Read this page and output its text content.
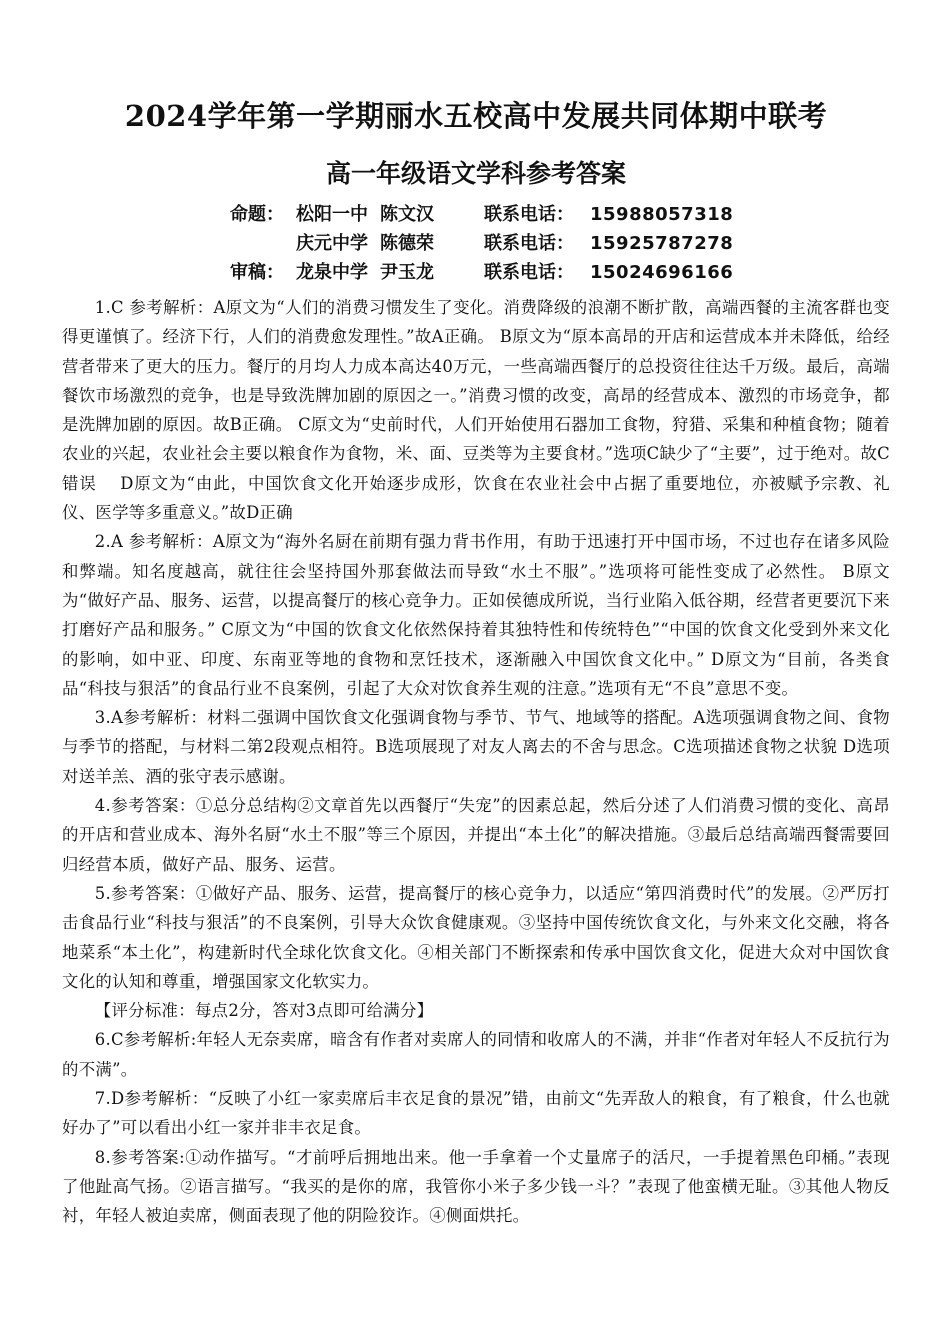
2024学年第一学期丽水五校高中发展共同体期中联考
高一年级语文学科参考答案
命题： 松阳一中 陈文汉	联系电话： 15988057318
庆元中学 陈德荣	联系电话： 15925787278
审稿： 龙泉中学 尹玉龙	联系电话： 15024696166

1.C 参考解析：A原文为“人们的消费习惯发生了变化。消费降级的浪潮不断扩散，高端西餐的主流客群也变得更谨慎了。经济下行，人们的消费愈发理性。”故A正确。 B原文为“原本高昂的开店和运营成本并未降低，给经营者带来了更大的压力。餐厅的月均人力成本高达40万元，一些高端西餐厅的总投资往往达千万级。最后，高端餐饮市场激烈的竞争，也是导致洗牌加剧的原因之一。”消费习惯的改变，高昂的经营成本、激烈的市场竞争，都是洗牌加剧的原因。故B正确。 C原文为“史前时代，人们开始使用石器加工食物，狩猎、采集和种植食物；随着农业的兴起，农业社会主要以粮食作为食物，米、面、豆类等为主要食材。”选项C缺少了“主要”，过于绝对。故C错误　 D原文为“由此，中国饮食文化开始逐步成形，饮食在农业社会中占据了重要地位，亦被赋予宗教、礼仪、医学等多重意义。”故D正确

2.A 参考解析：A原文为“海外名厨在前期有强力背书作用，有助于迅速打开中国市场，不过也存在诸多风险和弊端。知名度越高，就往往会坚持国外那套做法而导致“水土不服”。”选项将可能性变成了必然性。 B原文为“做好产品、服务、运营，以提高餐厅的核心竞争力。正如侯德成所说，当行业陷入低谷期，经营者更要沉下来打磨好产品和服务。” C原文为“中国的饮食文化依然保持着其独特性和传统特色”“中国的饮食文化受到外来文化的影响，如中亚、印度、东南亚等地的食物和烹饪技术，逐渐融入中国饮食文化中。” D原文为“目前，各类食品“科技与狠活”的食品行业不良案例，引起了大众对饮食养生观的注意。”选项有无“不良”意思不变。

3.A参考解析：材料二强调中国饮食文化强调食物与季节、节气、地域等的搭配。A选项强调食物之间、食物与季节的搭配，与材料二第2段观点相符。B选项展现了对友人离去的不舍与思念。C选项描述食物之状貌 D选项对送羊羔、酒的张守表示感谢。

4.参考答案：①总分总结构②文章首先以西餐厅“失宠”的因素总起，然后分述了人们消费习惯的变化、高昂的开店和营业成本、海外名厨“水土不服”等三个原因，并提出“本土化”的解决措施。③最后总结高端西餐需要回归经营本质，做好产品、服务、运营。

5.参考答案：①做好产品、服务、运营，提高餐厅的核心竞争力，以适应“第四消费时代”的发展。②严厉打击食品行业“科技与狠活”的不良案例，引导大众饮食健康观。③坚持中国传统饮食文化，与外来文化交融，将各地菜系“本土化”，构建新时代全球化饮食文化。④相关部门不断探索和传承中国饮食文化，促进大众对中国饮食文化的认知和尊重，增强国家文化软实力。

【评分标准：每点2分，答对3点即可给满分】

6.C参考解析:年轻人无奈卖席，暗含有作者对卖席人的同情和收席人的不满，并非“作者对年轻人不反抗行为的不满”。

7.D参考解析：“反映了小红一家卖席后丰衣足食的景况”错，由前文“先弄敌人的粮食，有了粮食，什么也就好办了”可以看出小红一家并非丰衣足食。

8.参考答案:①动作描写。“才前呼后拥地出来。他一手拿着一个丈量席子的活尺，一手提着黑色印桶。”表现了他趾高气扬。②语言描写。“我买的是你的席，我管你小米子多少钱一斗？”表现了他蛮横无耻。③其他人物反衬，年轻人被迫卖席，侧面表现了他的阴险狡诈。④侧面烘托。
